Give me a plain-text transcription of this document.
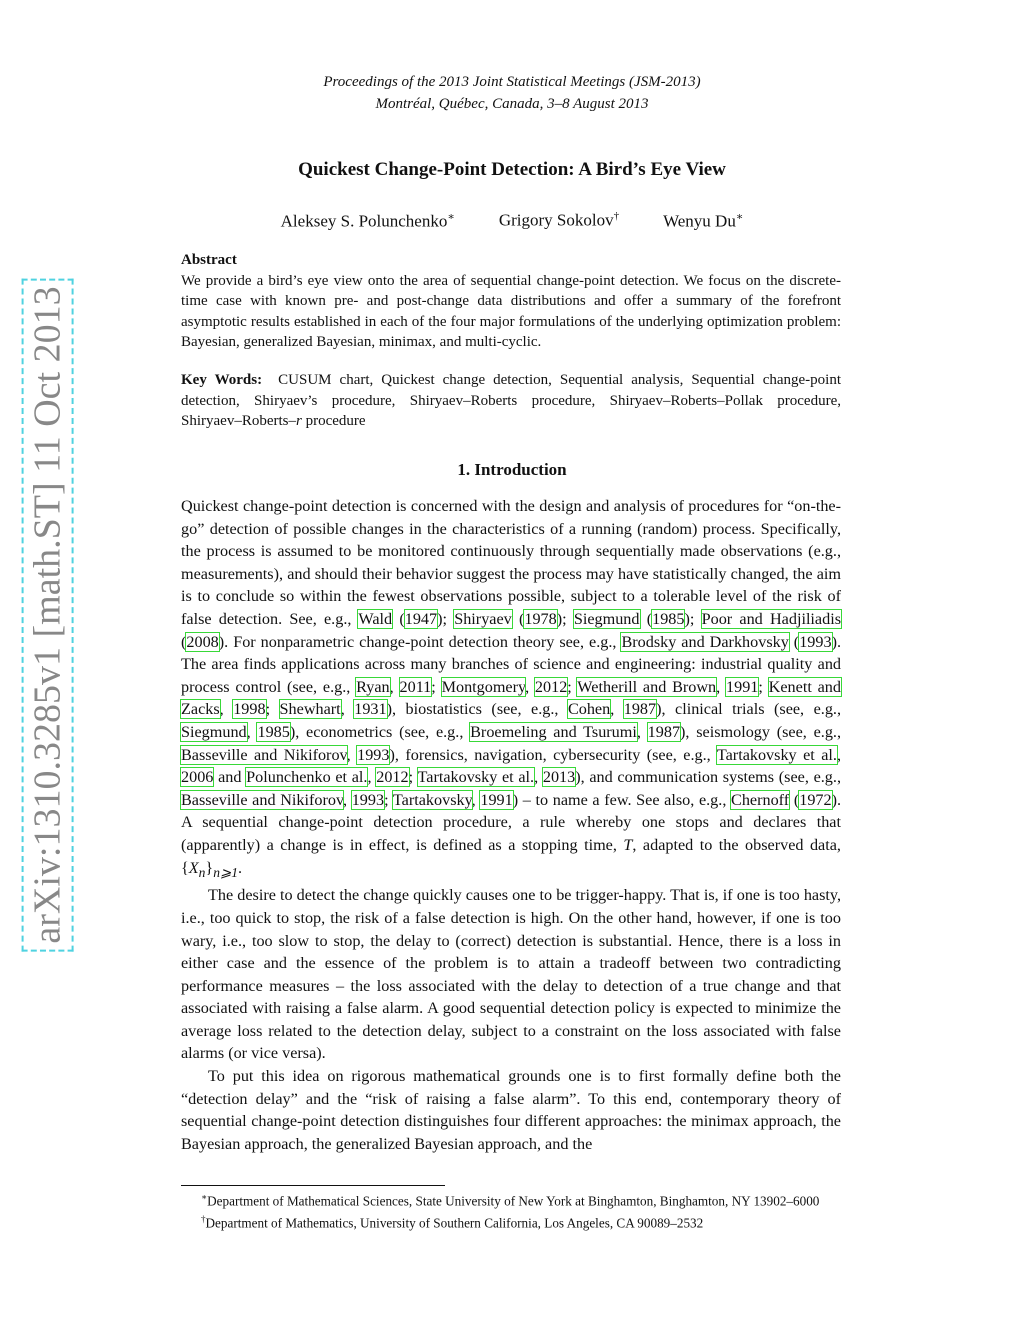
arXiv:1310.3285v1 [math.ST] 11 Oct 2013
Proceedings of the 2013 Joint Statistical Meetings (JSM-2013)
Montréal, Québec, Canada, 3–8 August 2013
Quickest Change-Point Detection: A Bird’s Eye View
Aleksey S. Polunchenko∗	Grigory Sokolov†	Wenyu Du∗
Abstract
We provide a bird’s eye view onto the area of sequential change-point detection. We focus on the discrete-time case with known pre- and post-change data distributions and offer a summary of the forefront asymptotic results established in each of the four major formulations of the underlying optimization problem: Bayesian, generalized Bayesian, minimax, and multi-cyclic.
Key Words: CUSUM chart, Quickest change detection, Sequential analysis, Sequential change-point detection, Shiryaev’s procedure, Shiryaev–Roberts procedure, Shiryaev–Roberts–Pollak procedure, Shiryaev–Roberts–r procedure
1. Introduction

Quickest change-point detection is concerned with the design and analysis of procedures for “on-the-go” detection of possible changes in the characteristics of a running (random) process. Specifically, the process is assumed to be monitored continuously through sequentially made observations (e.g., measurements), and should their behavior suggest the process may have statistically changed, the aim is to conclude so within the fewest observations possible, subject to a tolerable level of the risk of false detection. See, e.g., Wald (1947); Shiryaev (1978); Siegmund (1985); Poor and Hadjiliadis (2008). For nonparametric change-point detection theory see, e.g., Brodsky and Darkhovsky (1993). The area finds applications across many branches of science and engineering: industrial quality and process control (see, e.g., Ryan, 2011; Montgomery, 2012; Wetherill and Brown, 1991; Kenett and Zacks, 1998; Shewhart, 1931), biostatistics (see, e.g., Cohen, 1987), clinical trials (see, e.g., Siegmund, 1985), econometrics (see, e.g., Broemeling and Tsurumi, 1987), seismology (see, e.g., Basseville and Nikiforov, 1993), forensics, navigation, cybersecurity (see, e.g., Tartakovsky et al., 2006 and Polunchenko et al., 2012; Tartakovsky et al., 2013), and communication systems (see, e.g., Basseville and Nikiforov, 1993; Tartakovsky, 1991) – to name a few. See also, e.g., Chernoff (1972). A sequential change-point detection procedure, a rule whereby one stops and declares that (apparently) a change is in effect, is defined as a stopping time, T, adapted to the observed data, $\{X_n\}_{n⩾1}$.

The desire to detect the change quickly causes one to be trigger-happy. That is, if one is too hasty, i.e., too quick to stop, the risk of a false detection is high. On the other hand, however, if one is too wary, i.e., too slow to stop, the delay to (correct) detection is substantial. Hence, there is a loss in either case and the essence of the problem is to attain a tradeoff between two contradicting performance measures – the loss associated with the delay to detection of a true change and that associated with raising a false alarm. A good sequential detection policy is expected to minimize the average loss related to the detection delay, subject to a constraint on the loss associated with false alarms (or vice versa).

To put this idea on rigorous mathematical grounds one is to first formally define both the “detection delay” and the “risk of raising a false alarm”. To this end, contemporary theory of sequential change-point detection distinguishes four different approaches: the minimax approach, the Bayesian approach, the generalized Bayesian approach, and the

∗Department of Mathematical Sciences, State University of New York at Binghamton, Binghamton, NY 13902–6000
†Department of Mathematics, University of Southern California, Los Angeles, CA 90089–2532
